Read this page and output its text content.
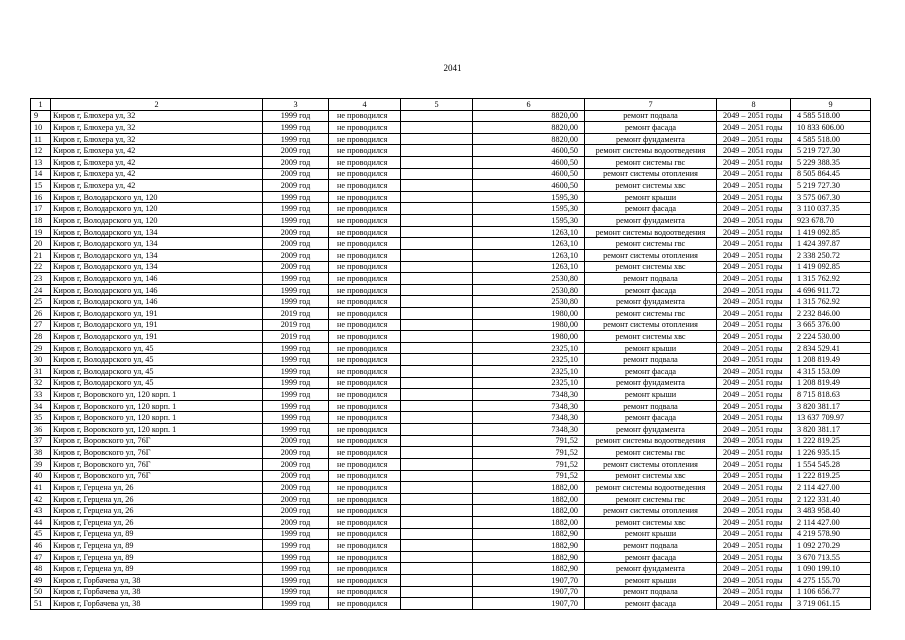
2041
1	2	3	4	5	6	7	8	9
9	Киров г, Блюхера ул, 32	1999 год	не проводился		8820,00	ремонт подвала	2049 – 2051 годы	4 585 518.00
10	Киров г, Блюхера ул, 32	1999 год	не проводился		8820,00	ремонт фасада	2049 – 2051 годы	10 833 606.00
11	Киров г, Блюхера ул, 32	1999 год	не проводился		8820,00	ремонт фундамента	2049 – 2051 годы	4 585 518.00
12	Киров г, Блюхера ул, 42	2009 год	не проводился		4600,50	ремонт системы водоотведения	2049 – 2051 годы	5 219 727.30
13	Киров г, Блюхера ул, 42	2009 год	не проводился		4600,50	ремонт системы гвс	2049 – 2051 годы	5 229 388.35
14	Киров г, Блюхера ул, 42	2009 год	не проводился		4600,50	ремонт системы отопления	2049 – 2051 годы	8 505 864.45
15	Киров г, Блюхера ул, 42	2009 год	не проводился		4600,50	ремонт системы хвс	2049 – 2051 годы	5 219 727.30
16	Киров г, Володарского ул, 120	1999 год	не проводился		1595,30	ремонт крыши	2049 – 2051 годы	3 575 067.30
17	Киров г, Володарского ул, 120	1999 год	не проводился		1595,30	ремонт фасада	2049 – 2051 годы	3 110 037.35
18	Киров г, Володарского ул, 120	1999 год	не проводился		1595,30	ремонт фундамента	2049 – 2051 годы	923 678.70
19	Киров г, Володарского ул, 134	2009 год	не проводился		1263,10	ремонт системы водоотведения	2049 – 2051 годы	1 419 092.85
20	Киров г, Володарского ул, 134	2009 год	не проводился		1263,10	ремонт системы гвс	2049 – 2051 годы	1 424 397.87
21	Киров г, Володарского ул, 134	2009 год	не проводился		1263,10	ремонт системы отопления	2049 – 2051 годы	2 338 250.72
22	Киров г, Володарского ул, 134	2009 год	не проводился		1263,10	ремонт системы хвс	2049 – 2051 годы	1 419 092.85
23	Киров г, Володарского ул, 146	1999 год	не проводился		2530,80	ремонт подвала	2049 – 2051 годы	1 315 762.92
24	Киров г, Володарского ул, 146	1999 год	не проводился		2530,80	ремонт фасада	2049 – 2051 годы	4 696 911.72
25	Киров г, Володарского ул, 146	1999 год	не проводился		2530,80	ремонт фундамента	2049 – 2051 годы	1 315 762.92
26	Киров г, Володарского ул, 191	2019 год	не проводился		1980,00	ремонт системы гвс	2049 – 2051 годы	2 232 846.00
27	Киров г, Володарского ул, 191	2019 год	не проводился		1980,00	ремонт системы отопления	2049 – 2051 годы	3 665 376.00
28	Киров г, Володарского ул, 191	2019 год	не проводился		1980,00	ремонт системы хвс	2049 – 2051 годы	2 224 530.00
29	Киров г, Володарского ул, 45	1999 год	не проводился		2325,10	ремонт крыши	2049 – 2051 годы	2 834 529.41
30	Киров г, Володарского ул, 45	1999 год	не проводился		2325,10	ремонт подвала	2049 – 2051 годы	1 208 819.49
31	Киров г, Володарского ул, 45	1999 год	не проводился		2325,10	ремонт фасада	2049 – 2051 годы	4 315 153.09
32	Киров г, Володарского ул, 45	1999 год	не проводился		2325,10	ремонт фундамента	2049 – 2051 годы	1 208 819.49
33	Киров г, Воровского ул, 120 корп. 1	1999 год	не проводился		7348,30	ремонт крыши	2049 – 2051 годы	8 715 818.63
34	Киров г, Воровского ул, 120 корп. 1	1999 год	не проводился		7348,30	ремонт подвала	2049 – 2051 годы	3 820 381.17
35	Киров г, Воровского ул, 120 корп. 1	1999 год	не проводился		7348,30	ремонт фасада	2049 – 2051 годы	13 637 709.97
36	Киров г, Воровского ул, 120 корп. 1	1999 год	не проводился		7348,30	ремонт фундамента	2049 – 2051 годы	3 820 381.17
37	Киров г, Воровского ул, 76Г	2009 год	не проводился		791,52	ремонт системы водоотведения	2049 – 2051 годы	1 222 819.25
38	Киров г, Воровского ул, 76Г	2009 год	не проводился		791,52	ремонт системы гвс	2049 – 2051 годы	1 226 935.15
39	Киров г, Воровского ул, 76Г	2009 год	не проводился		791,52	ремонт системы отопления	2049 – 2051 годы	1 554 545.28
40	Киров г, Воровского ул, 76Г	2009 год	не проводился		791,52	ремонт системы хвс	2049 – 2051 годы	1 222 819.25
41	Киров г, Герцена ул, 26	2009 год	не проводился		1882,00	ремонт системы водоотведения	2049 – 2051 годы	2 114 427.00
42	Киров г, Герцена ул, 26	2009 год	не проводился		1882,00	ремонт системы гвс	2049 – 2051 годы	2 122 331.40
43	Киров г, Герцена ул, 26	2009 год	не проводился		1882,00	ремонт системы отопления	2049 – 2051 годы	3 483 958.40
44	Киров г, Герцена ул, 26	2009 год	не проводился		1882,00	ремонт системы хвс	2049 – 2051 годы	2 114 427.00
45	Киров г, Герцена ул, 89	1999 год	не проводился		1882,90	ремонт крыши	2049 – 2051 годы	4 219 578.90
46	Киров г, Герцена ул, 89	1999 год	не проводился		1882,90	ремонт подвала	2049 – 2051 годы	1 092 270.29
47	Киров г, Герцена ул, 89	1999 год	не проводился		1882,90	ремонт фасада	2049 – 2051 годы	3 670 713.55
48	Киров г, Герцена ул, 89	1999 год	не проводился		1882,90	ремонт фундамента	2049 – 2051 годы	1 090 199.10
49	Киров г, Горбачева ул, 38	1999 год	не проводился		1907,70	ремонт крыши	2049 – 2051 годы	4 275 155.70
50	Киров г, Горбачева ул, 38	1999 год	не проводился		1907,70	ремонт подвала	2049 – 2051 годы	1 106 656.77
51	Киров г, Горбачева ул, 38	1999 год	не проводился		1907,70	ремонт фасада	2049 – 2051 годы	3 719 061.15
